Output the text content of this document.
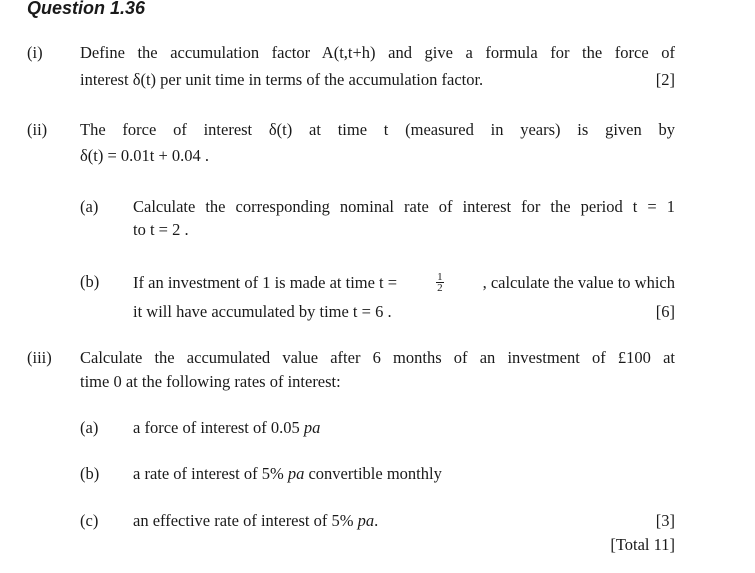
Question 1.36
(i) Define the accumulation factor A(t,t+h) and give a formula for the force of
interest δ(t) per unit time in terms of the accumulation factor.	[2]
(ii) The force of interest δ(t) at time t (measured in years) is given by
δ(t) = 0.01t + 0.04 .
(a) Calculate the corresponding nominal rate of interest for the period t = 1
to t = 2 .
(b) If an investment of 1 is made at time t =	$\frac{1}{2}$ , calculate the value to which
it will have accumulated by time t = 6 .	[6]
(iii) Calculate the accumulated value after 6 months of an investment of £100 at
time 0 at the following rates of interest:
(a) a force of interest of 0.05 pa
(b) a rate of interest of 5% pa convertible monthly
(c) an effective rate of interest of 5% pa.	[3]
[Total 11]
